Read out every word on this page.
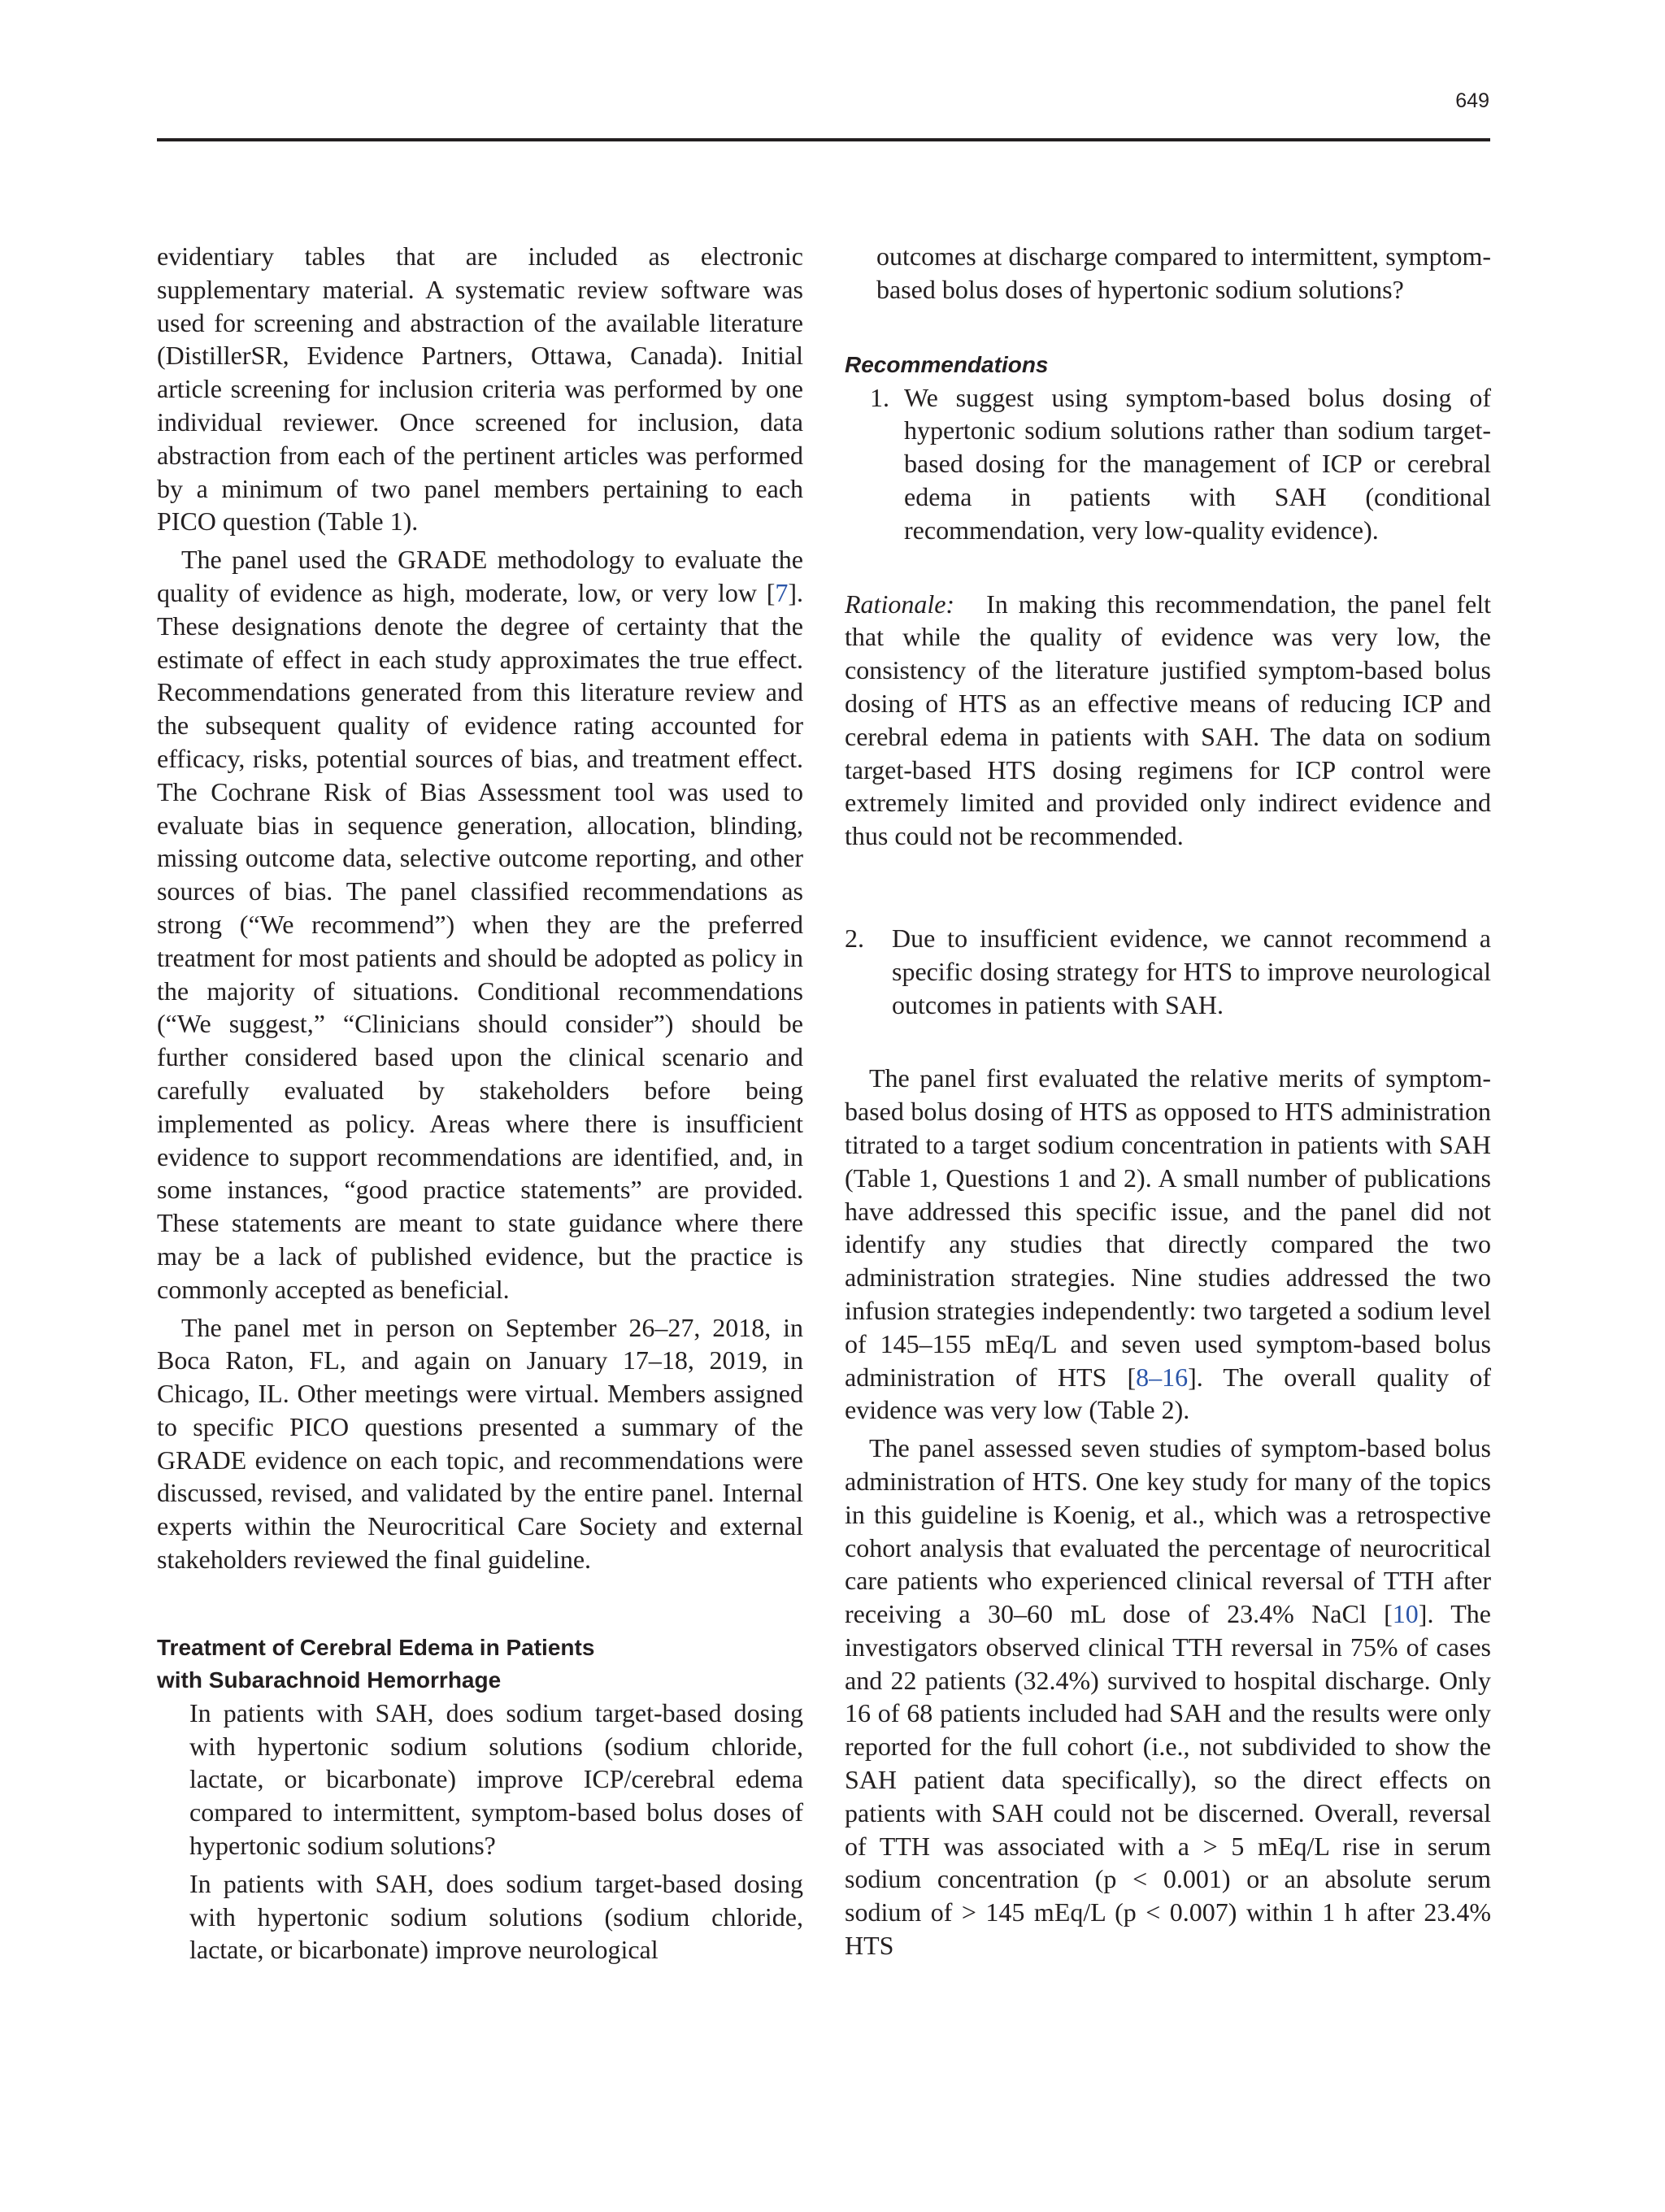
649

evidentiary tables that are included as electronic supplementary material. A systematic review software was used for screening and abstraction of the available literature (DistillerSR, Evidence Partners, Ottawa, Canada). Initial article screening for inclusion criteria was performed by one individual reviewer. Once screened for inclusion, data abstraction from each of the pertinent articles was performed by a minimum of two panel members pertaining to each PICO question (Table 1).

The panel used the GRADE methodology to evaluate the quality of evidence as high, moderate, low, or very low [7]. These designations denote the degree of certainty that the estimate of effect in each study approximates the true effect. Recommendations generated from this literature review and the subsequent quality of evidence rating accounted for efficacy, risks, potential sources of bias, and treatment effect. The Cochrane Risk of Bias Assessment tool was used to evaluate bias in sequence generation, allocation, blinding, missing outcome data, selective outcome reporting, and other sources of bias. The panel classified recommendations as strong (“We recommend”) when they are the preferred treatment for most patients and should be adopted as policy in the majority of situations. Conditional recommendations (“We suggest,” “Clinicians should consider”) should be further considered based upon the clinical scenario and carefully evaluated by stakeholders before being implemented as policy. Areas where there is insufficient evidence to support recommendations are identified, and, in some instances, “good practice statements” are provided. These statements are meant to state guidance where there may be a lack of published evidence, but the practice is commonly accepted as beneficial.

The panel met in person on September 26–27, 2018, in Boca Raton, FL, and again on January 17–18, 2019, in Chicago, IL. Other meetings were virtual. Members assigned to specific PICO questions presented a summary of the GRADE evidence on each topic, and recommendations were discussed, revised, and validated by the entire panel. Internal experts within the Neurocritical Care Society and external stakeholders reviewed the final guideline.

Treatment of Cerebral Edema in Patients
with Subarachnoid Hemorrhage

In patients with SAH, does sodium target-based dosing with hypertonic sodium solutions (sodium chloride, lactate, or bicarbonate) improve ICP/cerebral edema compared to intermittent, symptom-based bolus doses of hypertonic sodium solutions?

In patients with SAH, does sodium target-based dosing with hypertonic sodium solutions (sodium chloride, lactate, or bicarbonate) improve neurological

outcomes at discharge compared to intermittent, symptom-based bolus doses of hypertonic sodium solutions?

Recommendations
1. We suggest using symptom-based bolus dosing of hypertonic sodium solutions rather than sodium target-based dosing for the management of ICP or cerebral edema in patients with SAH (conditional recommendation, very low-quality evidence).

Rationale: In making this recommendation, the panel felt that while the quality of evidence was very low, the consistency of the literature justified symptom-based bolus dosing of HTS as an effective means of reducing ICP and cerebral edema in patients with SAH. The data on sodium target-based HTS dosing regimens for ICP control were extremely limited and provided only indirect evidence and thus could not be recommended.

2.	Due to insufficient evidence, we cannot recommend a specific dosing strategy for HTS to improve neurological outcomes in patients with SAH.

The panel first evaluated the relative merits of symptom-based bolus dosing of HTS as opposed to HTS administration titrated to a target sodium concentration in patients with SAH (Table 1, Questions 1 and 2). A small number of publications have addressed this specific issue, and the panel did not identify any studies that directly compared the two administration strategies. Nine studies addressed the two infusion strategies independently: two targeted a sodium level of 145–155 mEq/L and seven used symptom-based bolus administration of HTS [8–16]. The overall quality of evidence was very low (Table 2).

The panel assessed seven studies of symptom-based bolus administration of HTS. One key study for many of the topics in this guideline is Koenig, et al., which was a retrospective cohort analysis that evaluated the percentage of neurocritical care patients who experienced clinical reversal of TTH after receiving a 30–60 mL dose of 23.4% NaCl [10]. The investigators observed clinical TTH reversal in 75% of cases and 22 patients (32.4%) survived to hospital discharge. Only 16 of 68 patients included had SAH and the results were only reported for the full cohort (i.e., not subdivided to show the SAH patient data specifically), so the direct effects on patients with SAH could not be discerned. Overall, reversal of TTH was associated with a > 5 mEq/L rise in serum sodium concentration (p < 0.001) or an absolute serum sodium of > 145 mEq/L (p < 0.007) within 1 h after 23.4% HTS
